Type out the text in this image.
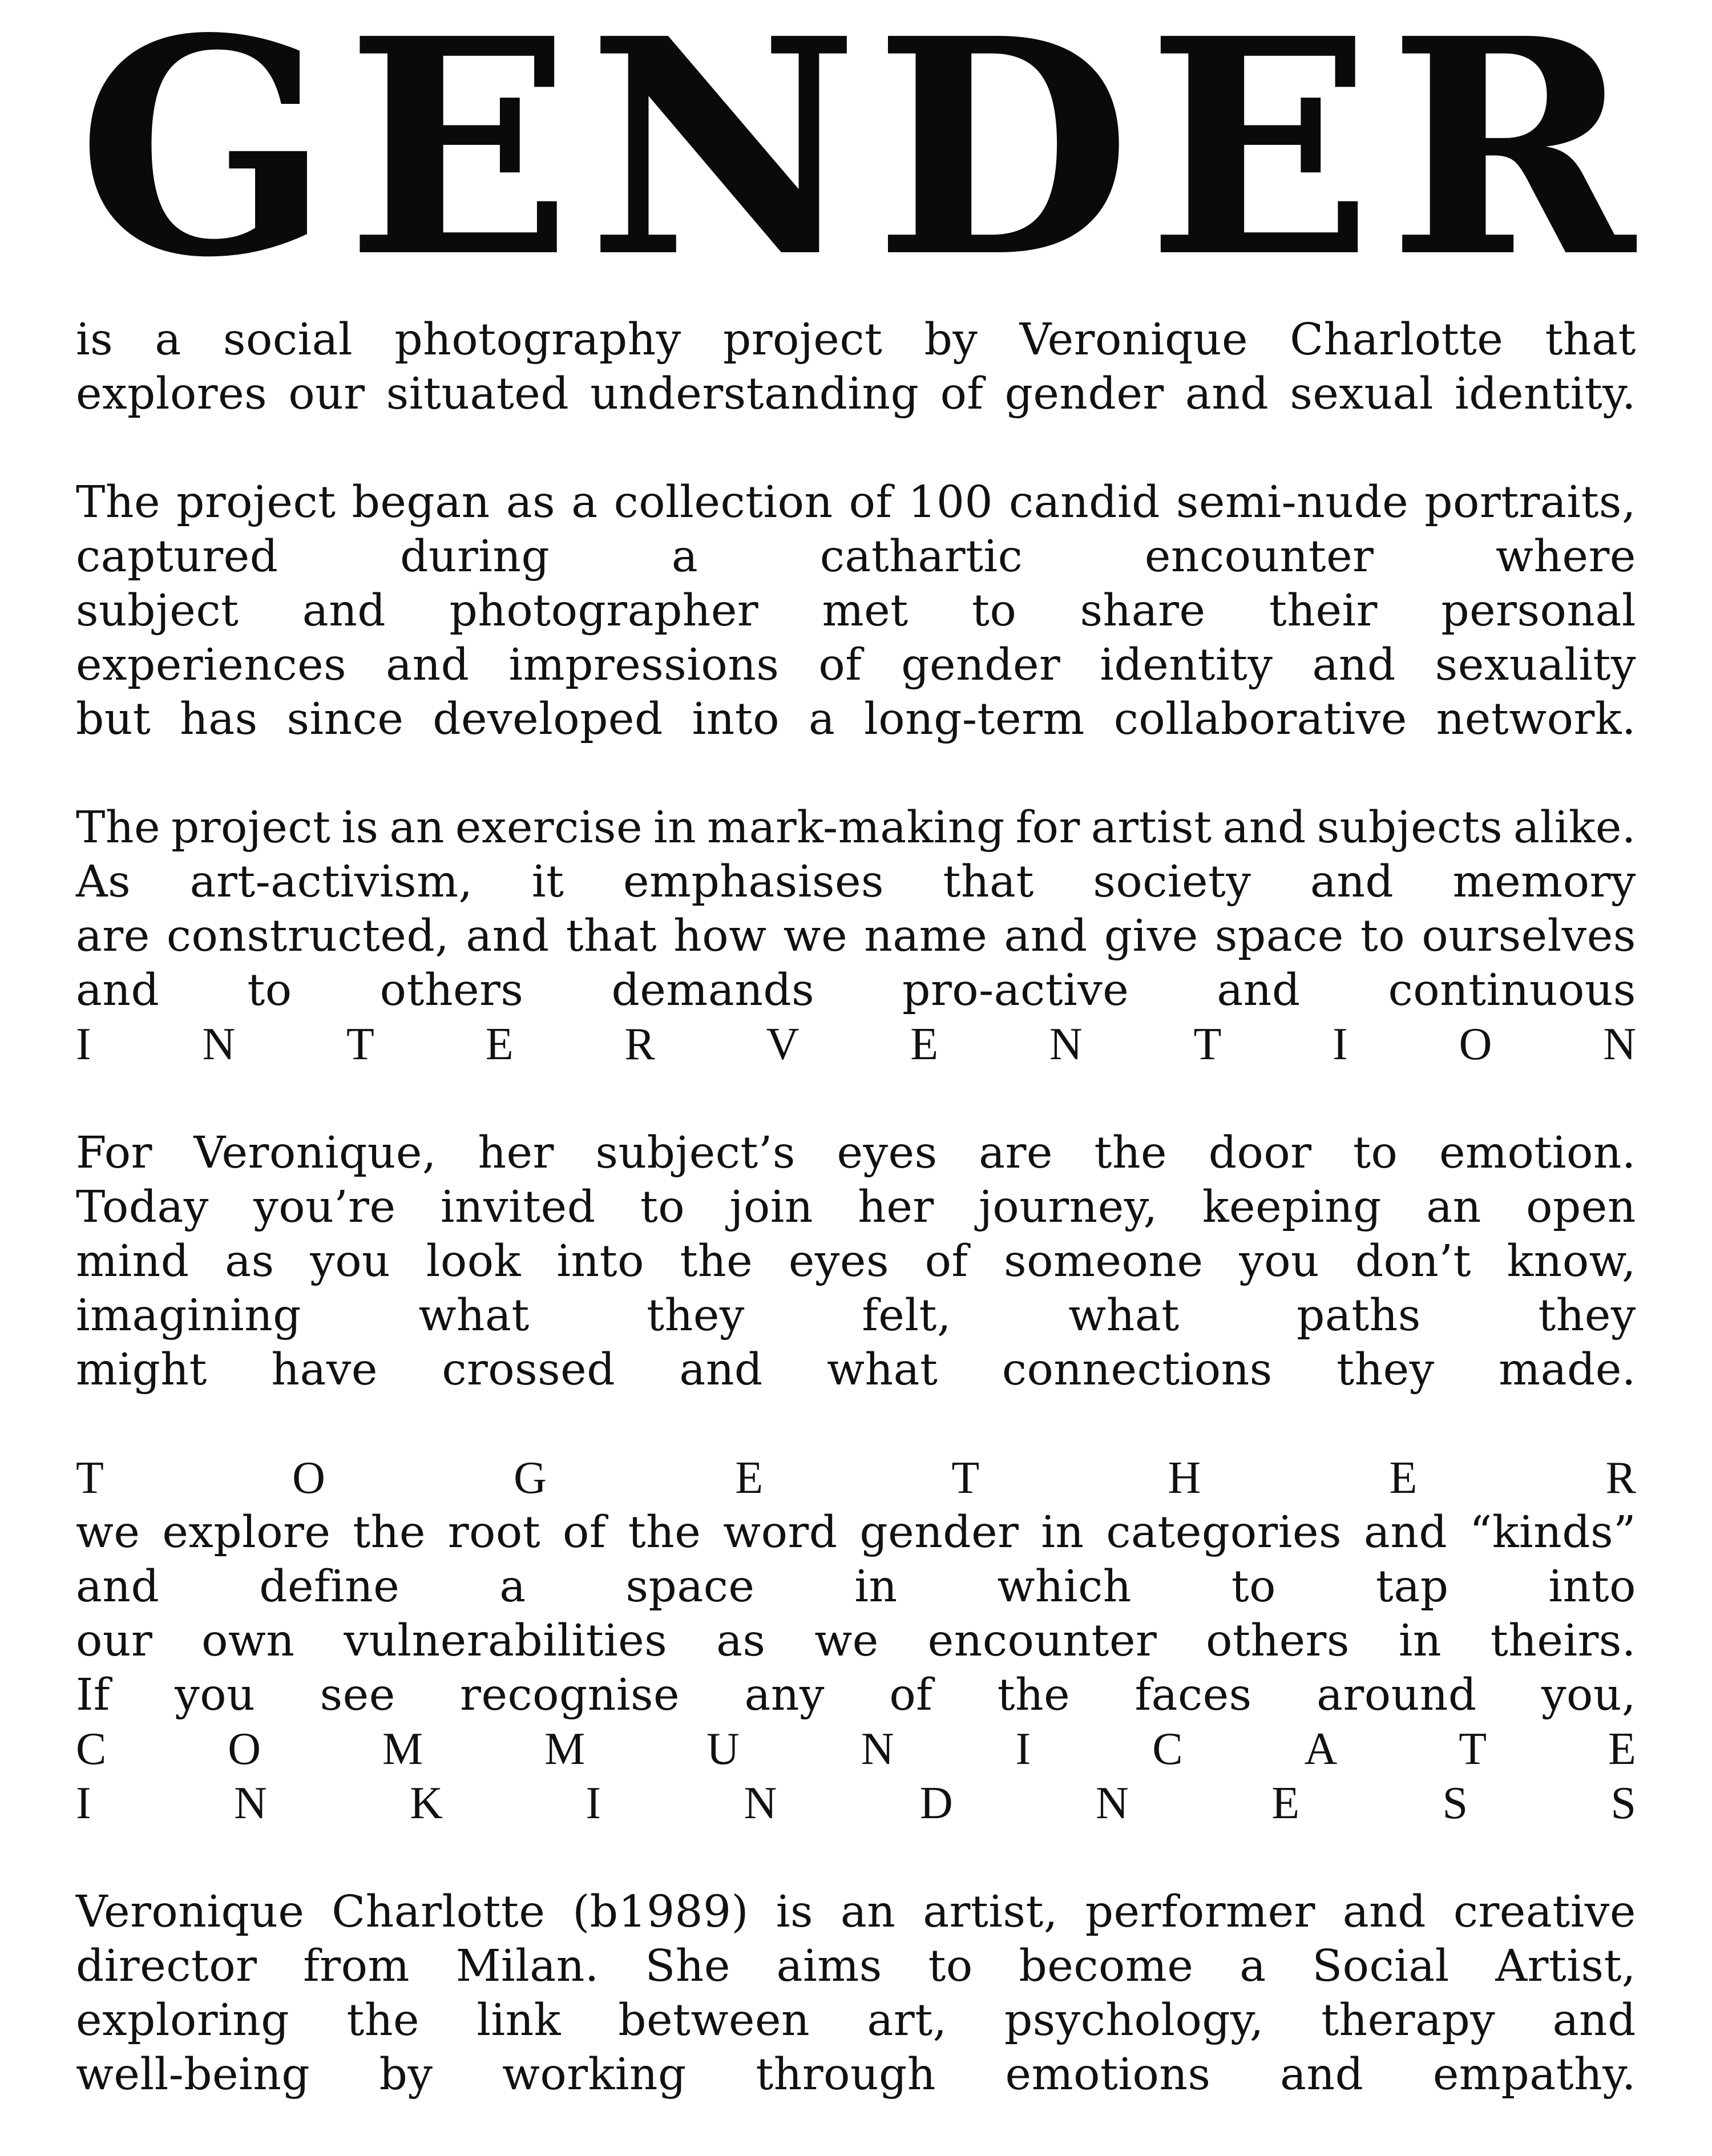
G E N D E R
is a social photography project by Veronique Charlotte that
explores our situated understanding of gender and sexual identity.
The project began as a collection of 100 candid semi-nude portraits,
captured	during	a	cathartic	encounter	where
subject and photographer met to share their personal
experiences and impressions of gender identity and sexuality
but has since developed into a long-term collaborative network.
The project is an exercise in mark-making for artist and subjects alike.
As art-activism, it emphasises that society and memory
are constructed, and that how we name and give space to ourselves
and to others demands pro-active and continuous
I N T E R V E N T I O N
For Veronique, her subject’s eyes are the door to emotion.
Today you’re invited to join her journey, keeping an open
mind as you look into the eyes of someone you don’t know,
imagining	what	they	felt,	what	paths	they
might have crossed and what connections they made.
T	O	G	E	T	H	E	R
we explore the root of the word gender in categories and “kinds”
and define a space in which to tap into
our own vulnerabilities as we encounter others in theirs.
If you see recognise any of the faces around you,
C	O	M	M	U	N	I	C	A	T	E
I	N	K	I	N	D	N	E	S	S
Veronique Charlotte (b1989) is an artist, performer and creative
director from Milan. She aims to become a Social Artist,
exploring the link between art, psychology, therapy and
well-being by working through emotions and empathy.
